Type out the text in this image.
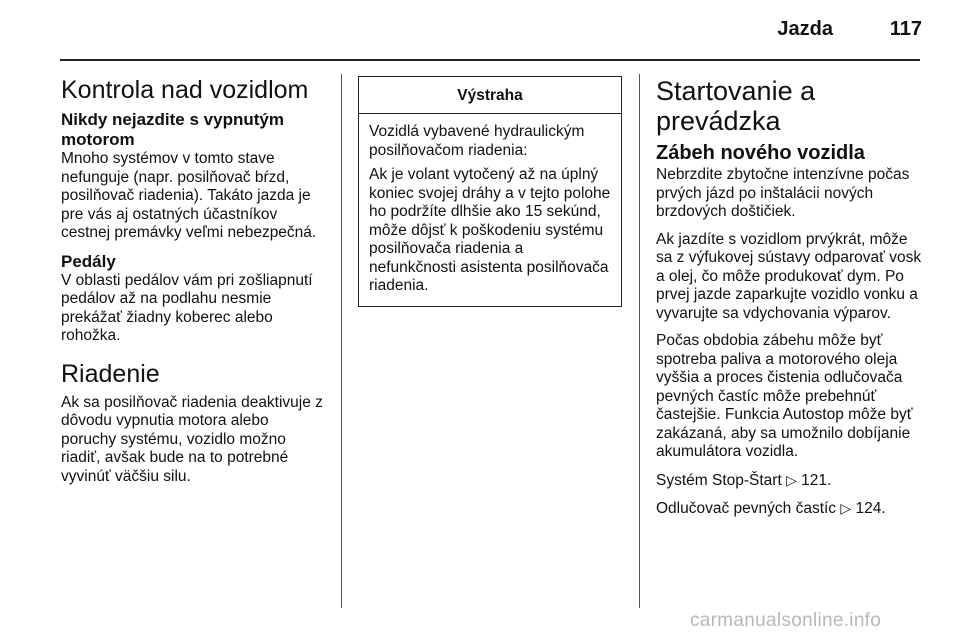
Jazda	117
Kontrola nad vozidlom
Nikdy nejazdite s vypnutým motorom
Mnoho systémov v tomto stave nefunguje (napr. posilňovač bŕzd, posilňovač riadenia). Takáto jazda je pre vás aj ostatných účastníkov cestnej premávky veľmi nebezpečná.
Pedály
V oblasti pedálov vám pri zošliapnutí pedálov až na podlahu nesmie prekážať žiadny koberec alebo rohožka.
Riadenie
Ak sa posilňovač riadenia deaktivuje z dôvodu vypnutia motora alebo poruchy systému, vozidlo možno riadiť, avšak bude na to potrebné vyvinúť väčšiu silu.
Výstraha
Vozidlá vybavené hydraulickým posilňovačom riadenia:
Ak je volant vytočený až na úplný koniec svojej dráhy a v tejto polohe ho podržíte dlhšie ako 15 sekúnd, môže dôjsť k poškodeniu systému posilňovača riadenia a nefunkčnosti asistenta posilňovača riadenia.
Startovanie a prevádzka
Zábeh nového vozidla
Nebrzdite zbytočne intenzívne počas prvých jázd po inštalácii nových brzdových doštičiek.
Ak jazdíte s vozidlom prvýkrát, môže sa z výfukovej sústavy odparovať vosk a olej, čo môže produkovať dym. Po prvej jazde zaparkujte vozidlo vonku a vyvarujte sa vdychovania výparov.
Počas obdobia zábehu môže byť spotreba paliva a motorového oleja vyššia a proces čistenia odlučovača pevných častíc môže prebehnúť častejšie. Funkcia Autostop môže byť zakázaná, aby sa umožnilo dobíjanie akumulátora vozidla.
Systém Stop-Štart ▷ 121.
Odlučovač pevných častíc ▷ 124.
carmanualsonline.info
